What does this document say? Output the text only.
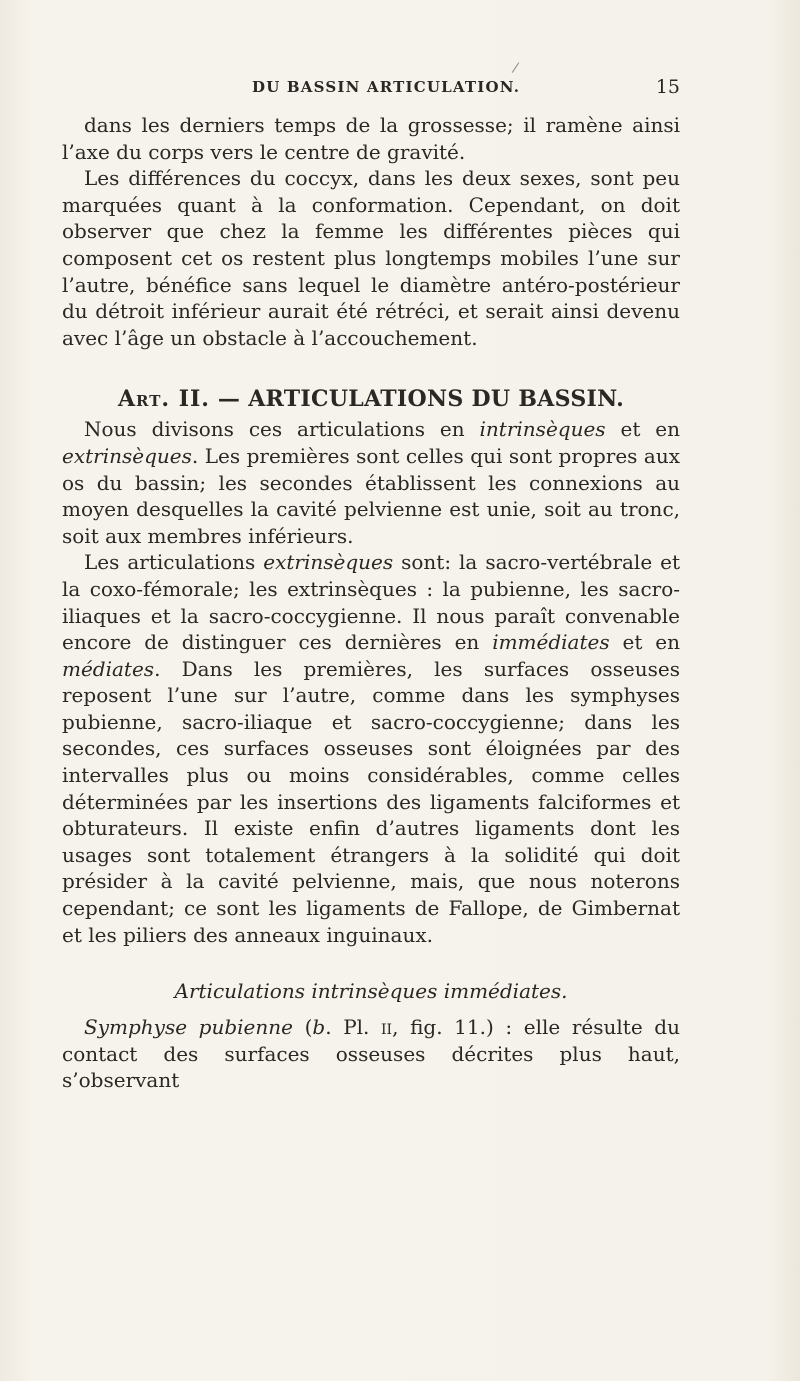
/
DU BASSIN ARTICULATION.	15

dans les derniers temps de la grossesse; il ramène ainsi l’axe du corps vers le centre de gravité.

Les différences du coccyx, dans les deux sexes, sont peu marquées quant à la conformation. Cependant, on doit observer que chez la femme les différentes pièces qui composent cet os restent plus longtemps mobiles l’une sur l’autre, bénéfice sans lequel le diamètre antéro-postérieur du détroit inférieur aurait été rétréci, et serait ainsi devenu avec l’âge un obstacle à l’accouchement.

Art. II. — ARTICULATIONS DU BASSIN.

Nous divisons ces articulations en intrinsèques et en extrinsèques. Les premières sont celles qui sont propres aux os du bassin; les secondes établissent les connexions au moyen desquelles la cavité pelvienne est unie, soit au tronc, soit aux membres inférieurs.

Les articulations extrinsèques sont: la sacro-vertébrale et la coxo-fémorale; les extrinsèques : la pubienne, les sacro-iliaques et la sacro-coccygienne. Il nous paraît convenable encore de distinguer ces dernières en immédiates et en médiates. Dans les premières, les surfaces osseuses reposent l’une sur l’autre, comme dans les symphyses pubienne, sacro-iliaque et sacro-coccygienne; dans les secondes, ces surfaces osseuses sont éloignées par des intervalles plus ou moins considérables, comme celles déterminées par les insertions des ligaments falciformes et obturateurs. Il existe enfin d’autres ligaments dont les usages sont totalement étrangers à la solidité qui doit présider à la cavité pelvienne, mais, que nous noterons cependant; ce sont les ligaments de Fallope, de Gimbernat et les piliers des anneaux inguinaux.

Articulations intrinsèques immédiates.

Symphyse pubienne (b. Pl. ii, fig. 11.) : elle résulte du contact des surfaces osseuses décrites plus haut, s’observant
